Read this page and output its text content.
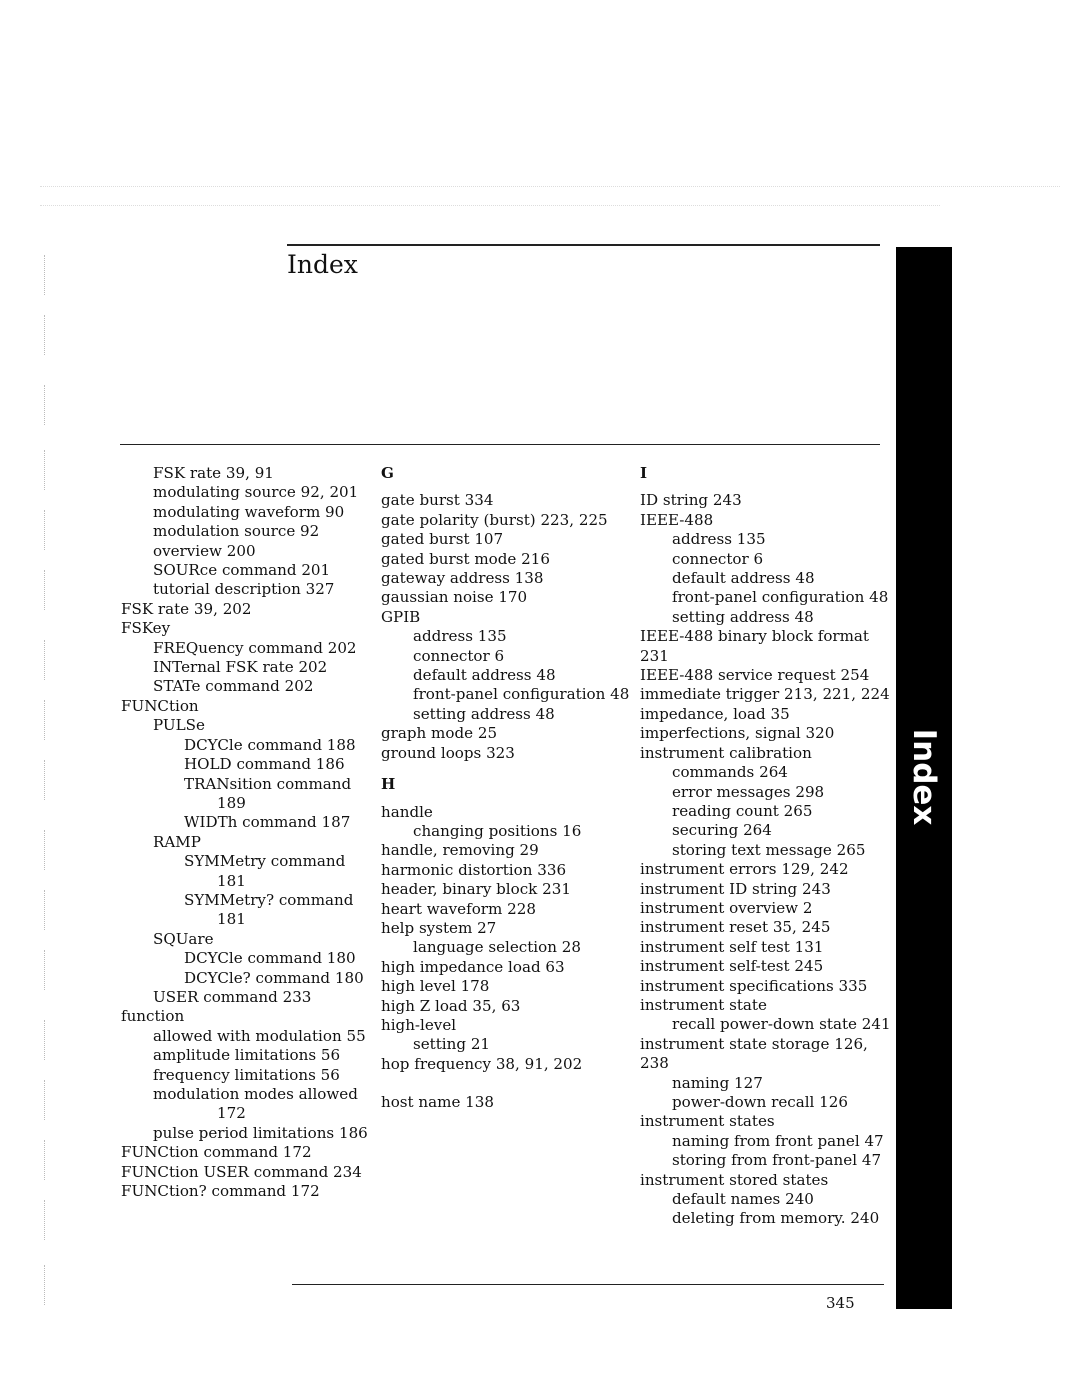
Index
FSK rate 39, 91
modulating source 92, 201
modulating waveform 90
modulation source 92
overview 200
SOURce command 201
tutorial description 327
FSK rate 39, 202
FSKey
FREQuency command 202
INTernal FSK rate 202
STATe command 202
FUNCtion
PULSe
DCYCle command 188
HOLD command 186
TRANsition command
189
WIDTh command 187
RAMP
SYMMetry command
181
SYMMetry? command
181
SQUare
DCYCle command 180
DCYCle? command 180
USER command 233
function
allowed with modulation 55
amplitude limitations 56
frequency limitations 56
modulation modes allowed
172
pulse period limitations 186
FUNCtion command 172
FUNCtion USER command 234
FUNCtion? command 172
G
gate burst 334
gate polarity (burst) 223, 225
gated burst 107
gated burst mode 216
gateway address 138
gaussian noise 170
GPIB
address 135
connector 6
default address 48
front-panel configuration 48
setting address 48
graph mode 25
ground loops 323
H
handle
changing positions 16
handle, removing 29
harmonic distortion 336
header, binary block 231
heart waveform 228
help system 27
language selection 28
high impedance load 63
high level 178
high Z load 35, 63
high-level
setting 21
hop frequency 38, 91, 202
host name 138
I
ID string 243
IEEE-488
address 135
connector 6
default address 48
front-panel configuration 48
setting address 48
IEEE-488 binary block format
231
IEEE-488 service request 254
immediate trigger 213, 221, 224
impedance, load 35
imperfections, signal 320
instrument calibration
commands 264
error messages 298
reading count 265
securing 264
storing text message 265
instrument errors 129, 242
instrument ID string 243
instrument overview 2
instrument reset 35, 245
instrument self test 131
instrument self-test 245
instrument specifications 335
instrument state
recall power-down state 241
instrument state storage 126,
238
naming 127
power-down recall 126
instrument states
naming from front panel 47
storing from front-panel 47
instrument stored states
default names 240
deleting from memory. 240
Index
345
